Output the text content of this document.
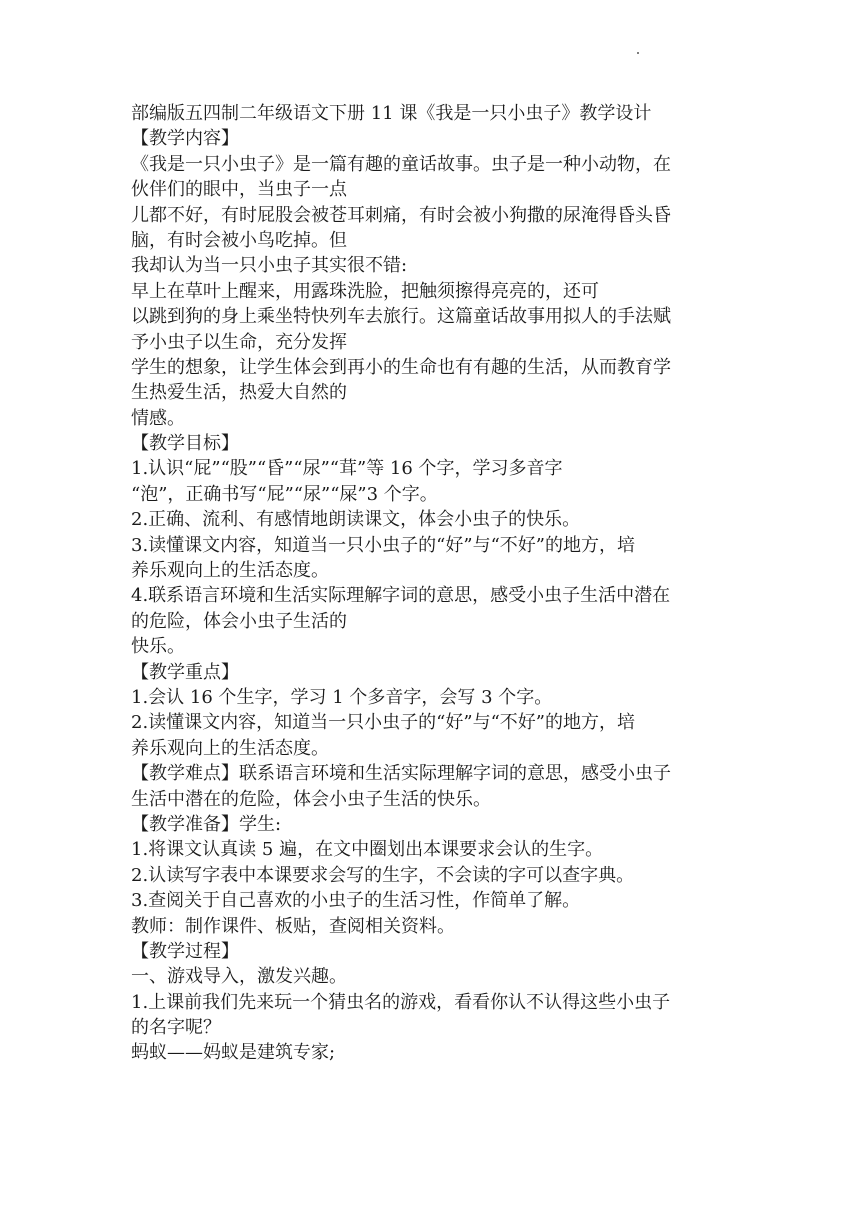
部编版五四制二年级语文下册 11 课《我是一只小虫子》教学设计
【教学内容】
《我是一只小虫子》是一篇有趣的童话故事。虫子是一种小动物，在
伙伴们的眼中，当虫子一点
儿都不好，有时屁股会被苍耳刺痛，有时会被小狗撒的尿淹得昏头昏
脑，有时会被小鸟吃掉。但
我却认为当一只小虫子其实很不错:
早上在草叶上醒来，用露珠洗脸，把触须擦得亮亮的，还可
以跳到狗的身上乘坐特快列车去旅行。这篇童话故事用拟人的手法赋
予小虫子以生命，充分发挥
学生的想象，让学生体会到再小的生命也有有趣的生活，从而教育学
生热爱生活，热爱大自然的
情感。
【教学目标】
1.认识“屁”“股”“昏”“尿”“茸”等 16 个字，学习多音字
“泡”，正确书写“屁”“尿”“屎”3 个字。
2.正确、流利、有感情地朗读课文，体会小虫子的快乐。
3.读懂课文内容，知道当一只小虫子的“好”与“不好”的地方，培
养乐观向上的生活态度。
4.联系语言环境和生活实际理解字词的意思，感受小虫子生活中潜在
的危险，体会小虫子生活的
快乐。
【教学重点】
1.会认 16 个生字，学习 1 个多音字，会写 3 个字。
2.读懂课文内容，知道当一只小虫子的“好”与“不好”的地方，培
养乐观向上的生活态度。
【教学难点】联系语言环境和生活实际理解字词的意思，感受小虫子
生活中潜在的危险，体会小虫子生活的快乐。
【教学准备】学生:
1.将课文认真读 5 遍，在文中圈划出本课要求会认的生字。
2.认读写字表中本课要求会写的生字，不会读的字可以查字典。
3.查阅关于自己喜欢的小虫子的生活习性，作简单了解。
教师：制作课件、板贴，查阅相关资料。
【教学过程】
一、游戏导入，激发兴趣。
1.上课前我们先来玩一个猜虫名的游戏，看看你认不认得这些小虫子
的名字呢？
蚂蚁——妈蚁是建筑专家;
